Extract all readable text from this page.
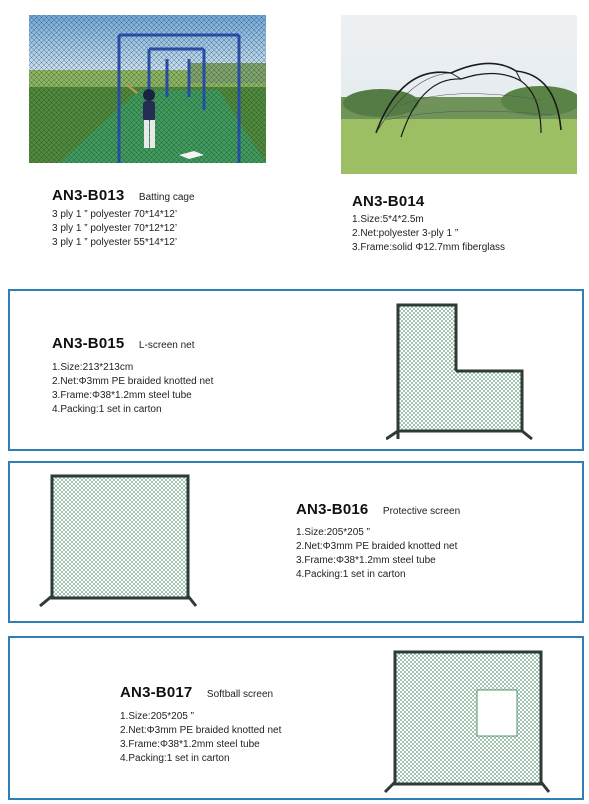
AN3-B013 Batting cage
3 ply 1 ” polyester 70*14*12’
3 ply 1 ” polyester 70*12*12’
3 ply 1 ” polyester 55*14*12’
AN3-B014
1.Size:5*4*2.5m
2.Net:polyester 3-ply 1 ”
3.Frame:solid Φ12.7mm fiberglass
AN3-B015 L-screen net
1.Size:213*213cm
2.Net:Φ3mm PE braided knotted net
3.Frame:Φ38*1.2mm steel tube
4.Packing:1 set in carton
AN3-B016 Protective screen
1.Size:205*205 ”
2.Net:Φ3mm PE braided knotted net
3.Frame:Φ38*1.2mm steel tube
4.Packing:1 set in carton
AN3-B017 Softball screen
1.Size:205*205 ”
2.Net:Φ3mm PE braided knotted net
3.Frame:Φ38*1.2mm steel tube
4.Packing:1 set in carton
